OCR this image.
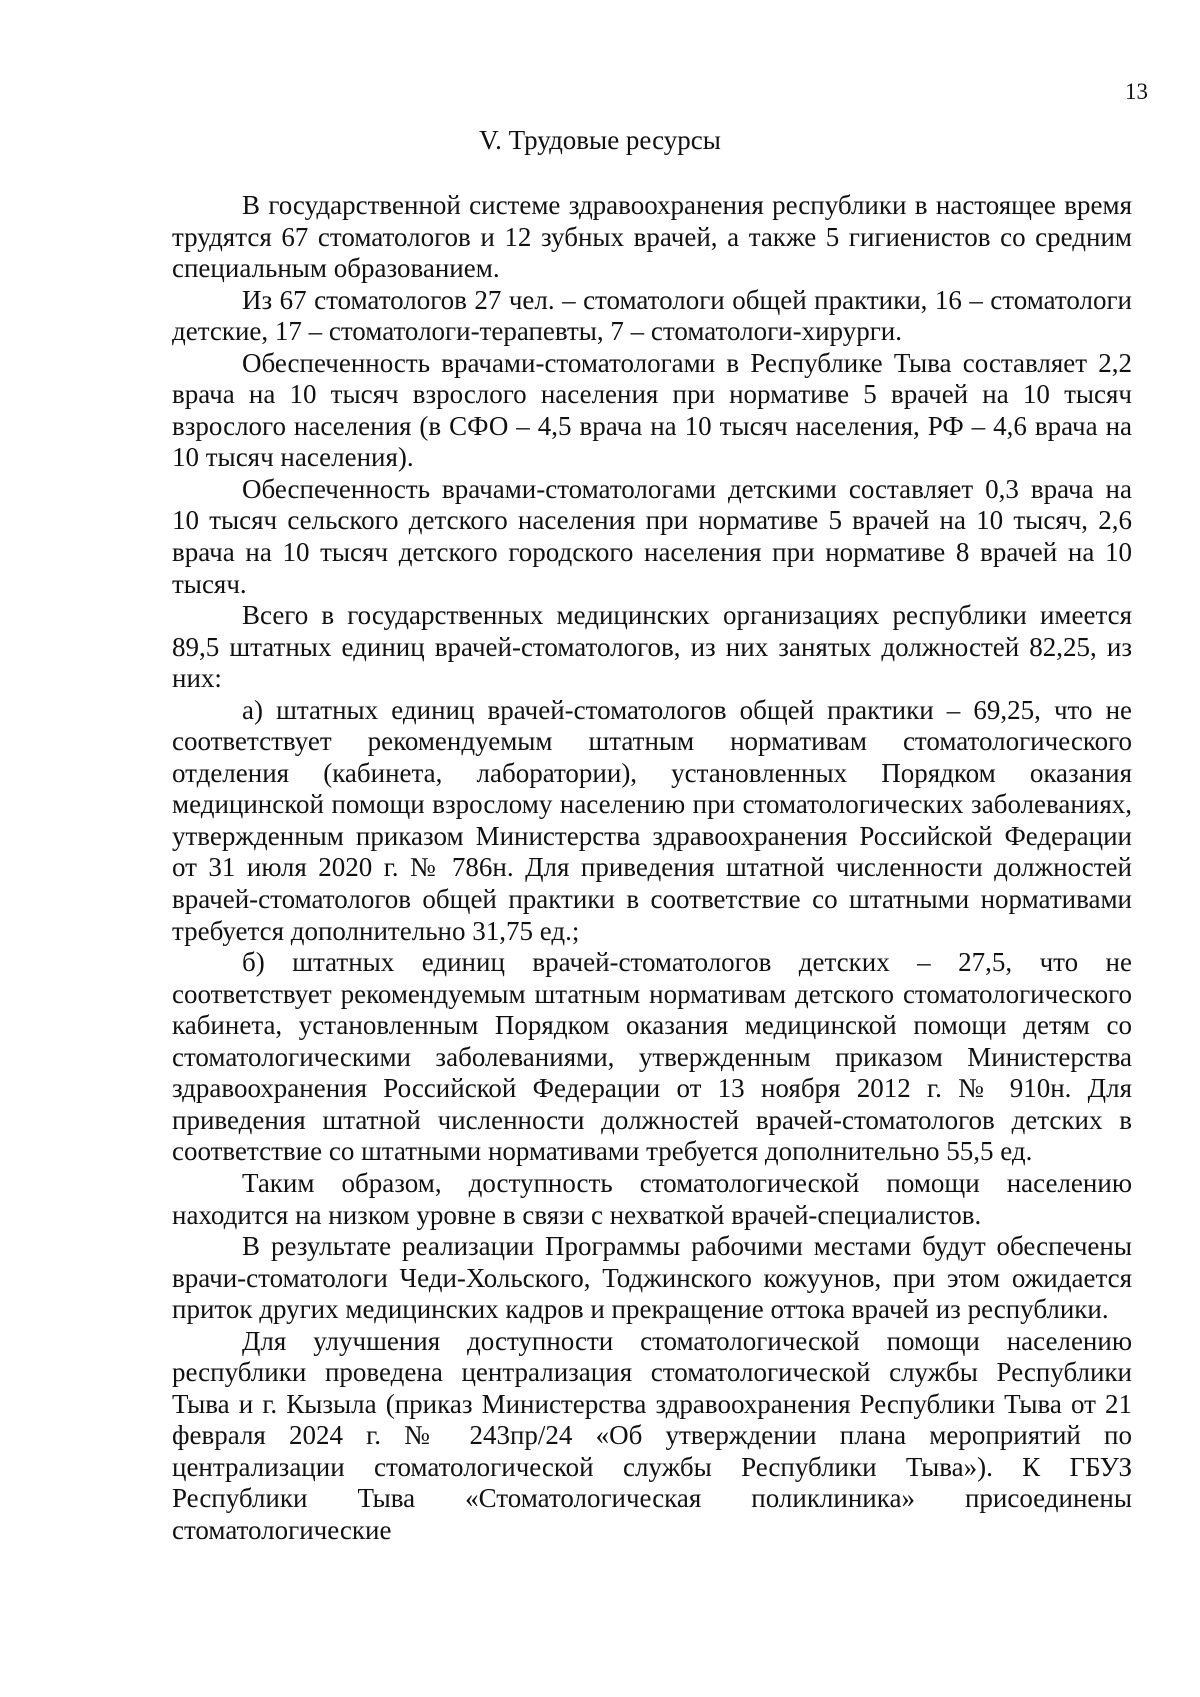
13
V. Трудовые ресурсы

В государственной системе здравоохранения республики в настоящее время трудятся 67 стоматологов и 12 зубных врачей, а также 5 гигиенистов со средним специальным образованием.

Из 67 стоматологов 27 чел. – стоматологи общей практики, 16 – стоматологи детские, 17 – стоматологи-терапевты, 7 – стоматологи-хирурги.

Обеспеченность врачами-стоматологами в Республике Тыва составляет 2,2 врача на 10 тысяч взрослого населения при нормативе 5 врачей на 10 тысяч взрослого населения (в СФО – 4,5 врача на 10 тысяч населения, РФ – 4,6 врача на 10 тысяч населения).

Обеспеченность врачами-стоматологами детскими составляет 0,3 врача на 10 тысяч сельского детского населения при нормативе 5 врачей на 10 тысяч, 2,6 врача на 10 тысяч детского городского населения при нормативе 8 врачей на 10 тысяч.

Всего в государственных медицинских организациях республики имеется 89,5 штатных единиц врачей-стоматологов, из них занятых должностей 82,25, из них:

а) штатных единиц врачей-стоматологов общей практики – 69,25, что не соответствует рекомендуемым штатным нормативам стоматологического отделения (кабинета, лаборатории), установленных Порядком оказания медицинской помощи взрослому населению при стоматологических заболеваниях, утвержденным приказом Министерства здравоохранения Российской Федерации от 31 июля 2020 г. № 786н. Для приведения штатной численности должностей врачей-стоматологов общей практики в соответствие со штатными нормативами требуется дополнительно 31,75 ед.;

б) штатных единиц врачей-стоматологов детских – 27,5, что не соответствует рекомендуемым штатным нормативам детского стоматологического кабинета, установленным Порядком оказания медицинской помощи детям со стоматологическими заболеваниями, утвержденным приказом Министерства здравоохранения Российской Федерации от 13 ноября 2012 г. № 910н. Для приведения штатной численности должностей врачей-стоматологов детских в соответствие со штатными нормативами требуется дополнительно 55,5 ед.

Таким образом, доступность стоматологической помощи населению находится на низком уровне в связи с нехваткой врачей-специалистов.

В результате реализации Программы рабочими местами будут обеспечены врачи-стоматологи Чеди-Хольского, Тоджинского кожуунов, при этом ожидается приток других медицинских кадров и прекращение оттока врачей из республики.

Для улучшения доступности стоматологической помощи населению республики проведена централизация стоматологической службы Республики Тыва и г. Кызыла (приказ Министерства здравоохранения Республики Тыва от 21 февраля 2024 г. № 243пр/24 «Об утверждении плана мероприятий по централизации стоматологической службы Республики Тыва»). К ГБУЗ Республики Тыва «Стоматологическая поликлиника» присоединены стоматологические
